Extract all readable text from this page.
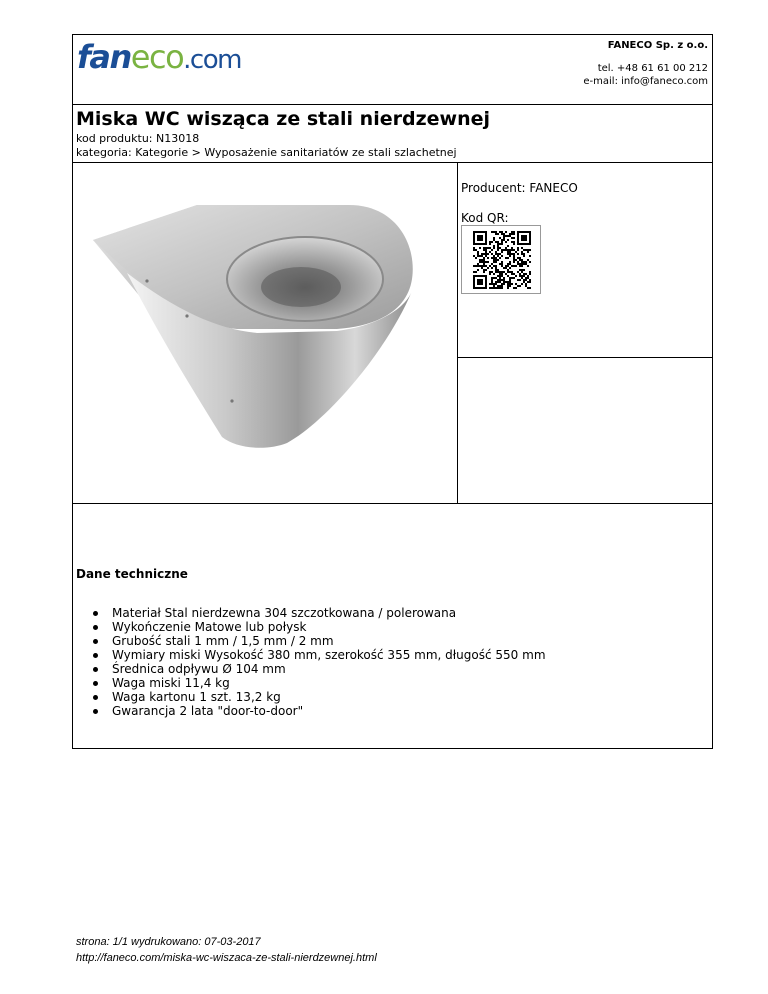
faneco.com	FANECO Sp. z o.o.
tel. +48 61 61 00 212
e-mail: info@faneco.com
Miska WC wisząca ze stali nierdzewnej
kod produktu: N13018
kategoria: Kategorie > Wyposażenie sanitariatów ze stali szlachetnej
Producent: FANECO
Kod QR:
Dane techniczne
Materiał Stal nierdzewna 304 szczotkowana / polerowana
Wykończenie Matowe lub połysk
Grubość stali 1 mm / 1,5 mm / 2 mm
Wymiary miski Wysokość 380 mm, szerokość 355 mm, długość 550 mm
Średnica odpływu Ø 104 mm
Waga miski 11,4 kg
Waga kartonu 1 szt. 13,2 kg
Gwarancja 2 lata "door-to-door"
strona: 1/1 wydrukowano: 07-03-2017
http://faneco.com/miska-wc-wiszaca-ze-stali-nierdzewnej.html
